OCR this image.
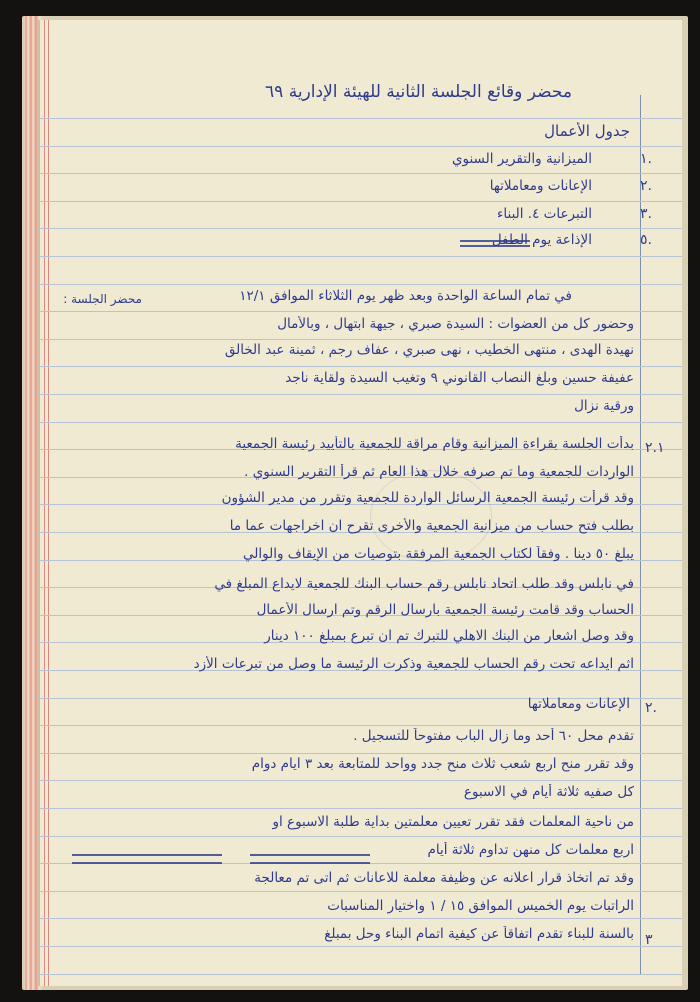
محضر وقائع الجلسة الثانية للهيئة الإدارية ٦٩
جدول الأعمال
الميزانية والتقرير السنوي	١.
الإعانات ومعاملاتها	٢.
التبرعات ٤. البناء	٣.
الإذاعة يوم الطفل	٥.
محضر الجلسة :	في تمام الساعة الواحدة وبعد ظهر يوم الثلاثاء الموافق ١٢/١
وحضور كل من العضوات : السيدة صبري ، جيهة ابتهال ، وبالأمال
نهيدة الهدى ، منتهى الخطيب ، نهى صبري ، عفاف رجم ، ثمينة عبد الخالق
عفيفة حسين وبلغ النصاب القانوني ٩ وتغيب السيدة ولقاية ناجد
ورقية نزال
بدأت الجلسة بقراءة الميزانية وقام مراقة للجمعية بالتأييد رئيسة الجمعية
الواردات للجمعية وما تم صرفه خلال هذا العام ثم قرأ التقرير السنوي .
وقد قرأت رئيسة الجمعية الرسائل الواردة للجمعية وتقرر من مدير الشؤون
بطلب فتح حساب من ميزانية الجمعية والأخرى تقرح ان اخراجهات عما ما
يبلغ ٥٠ دينا . وفقاً لكتاب الجمعية المرفقة بتوصيات من الإيقاف والوالي
في نابلس وقد طلب اتحاد نابلس رقم حساب البنك للجمعية لايداع المبلغ في
الحساب وقد قامت رئيسة الجمعية بارسال الرقم وتم ارسال الأعمال
وقد وصل اشعار من البنك الاهلي للتبرك تم ان تبرع بمبلغ ١٠٠ دينار
اثم ايداعه تحت رقم الحساب للجمعية وذكرت الرئيسة ما وصل من تبرعات الأزد
الإعانات ومعاملاتها
تقدم محل ٦٠ أحد وما زال الباب مفتوحاً للتسجيل .
وقد تقرر منح اربع شعب ثلاث منح جدد وواحد للمتابعة بعد ٣ ايام دوام
كل صفيه ثلاثة أيام في الاسبوع
من ناحية المعلمات فقد تقرر تعيين معلمتين بداية طلبة الاسبوع او
اربع معلمات كل منهن تداوم ثلاثة أيام
وقد تم اتخاذ قرار اعلانه عن وظيفة معلمة للاعانات ثم اتى تم معالجة
الراتبات يوم الخميس الموافق ١٥ / ١ واختيار المناسبات
بالسنة للبناء تقدم اتفاقاً عن كيفية اتمام البناء وحل بمبلغ
٢.١
٢.
٣
